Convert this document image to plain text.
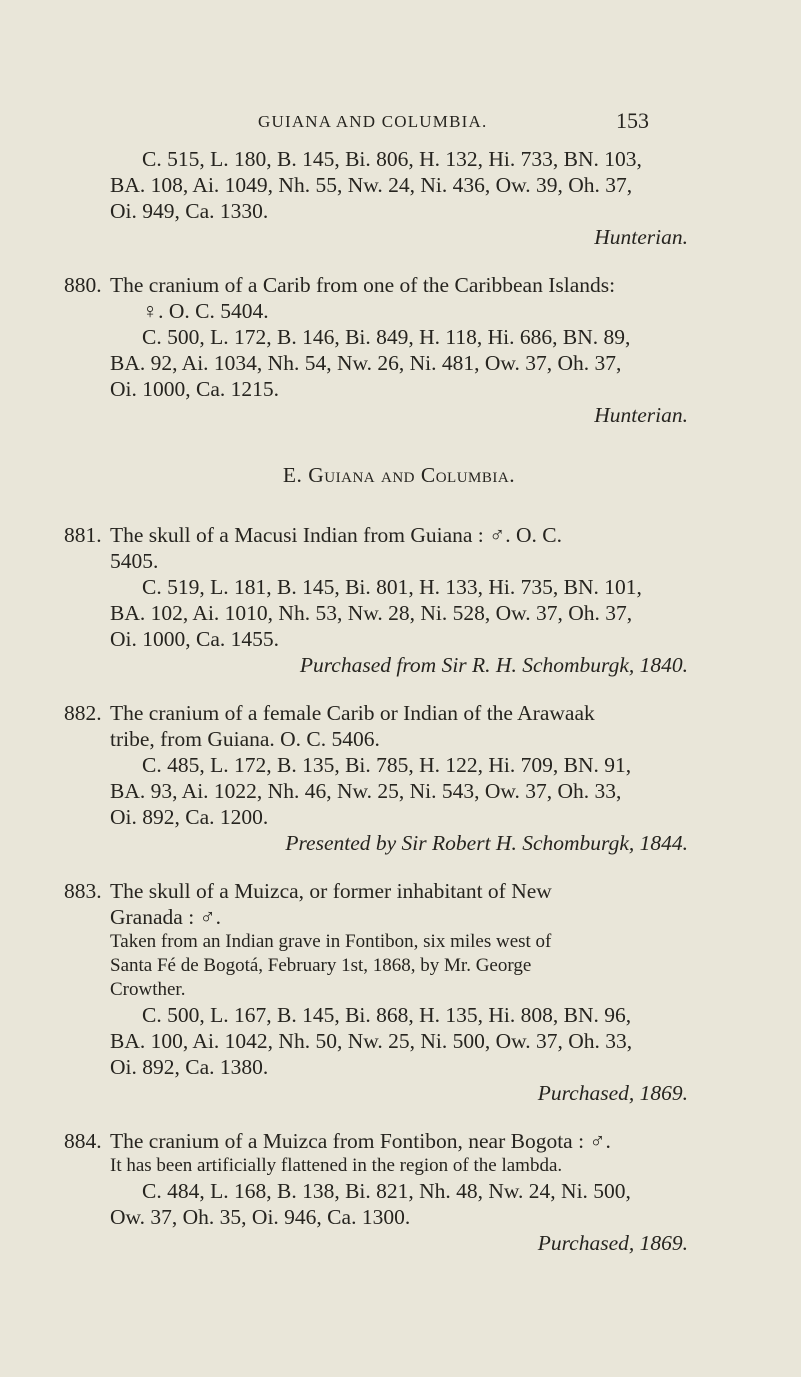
GUIANA AND COLUMBIA.	153
C. 515, L. 180, B. 145, Bi. 806, H. 132, Hi. 733, BN. 103,
BA. 108, Ai. 1049, Nh. 55, Nw. 24, Ni. 436, Ow. 39, Oh. 37,
Oi. 949, Ca. 1330.
Hunterian.
880. The cranium of a Carib from one of the Caribbean Islands:
♀. O. C. 5404.
C. 500, L. 172, B. 146, Bi. 849, H. 118, Hi. 686, BN. 89,
BA. 92, Ai. 1034, Nh. 54, Nw. 26, Ni. 481, Ow. 37, Oh. 37,
Oi. 1000, Ca. 1215.
Hunterian.
E. Guiana and Columbia.
881. The skull of a Macusi Indian from Guiana : ♂. O. C.
5405.
C. 519, L. 181, B. 145, Bi. 801, H. 133, Hi. 735, BN. 101,
BA. 102, Ai. 1010, Nh. 53, Nw. 28, Ni. 528, Ow. 37, Oh. 37,
Oi. 1000, Ca. 1455.
Purchased from Sir R. H. Schomburgk, 1840.
882. The cranium of a female Carib or Indian of the Arawaak
tribe, from Guiana. O. C. 5406.
C. 485, L. 172, B. 135, Bi. 785, H. 122, Hi. 709, BN. 91,
BA. 93, Ai. 1022, Nh. 46, Nw. 25, Ni. 543, Ow. 37, Oh. 33,
Oi. 892, Ca. 1200.
Presented by Sir Robert H. Schomburgk, 1844.
883. The skull of a Muizca, or former inhabitant of New
Granada : ♂.
Taken from an Indian grave in Fontibon, six miles west of
Santa Fé de Bogotá, February 1st, 1868, by Mr. George
Crowther.
C. 500, L. 167, B. 145, Bi. 868, H. 135, Hi. 808, BN. 96,
BA. 100, Ai. 1042, Nh. 50, Nw. 25, Ni. 500, Ow. 37, Oh. 33,
Oi. 892, Ca. 1380.
Purchased, 1869.
884. The cranium of a Muizca from Fontibon, near Bogota : ♂.
It has been artificially flattened in the region of the lambda.
C. 484, L. 168, B. 138, Bi. 821, Nh. 48, Nw. 24, Ni. 500,
Ow. 37, Oh. 35, Oi. 946, Ca. 1300.
Purchased, 1869.
